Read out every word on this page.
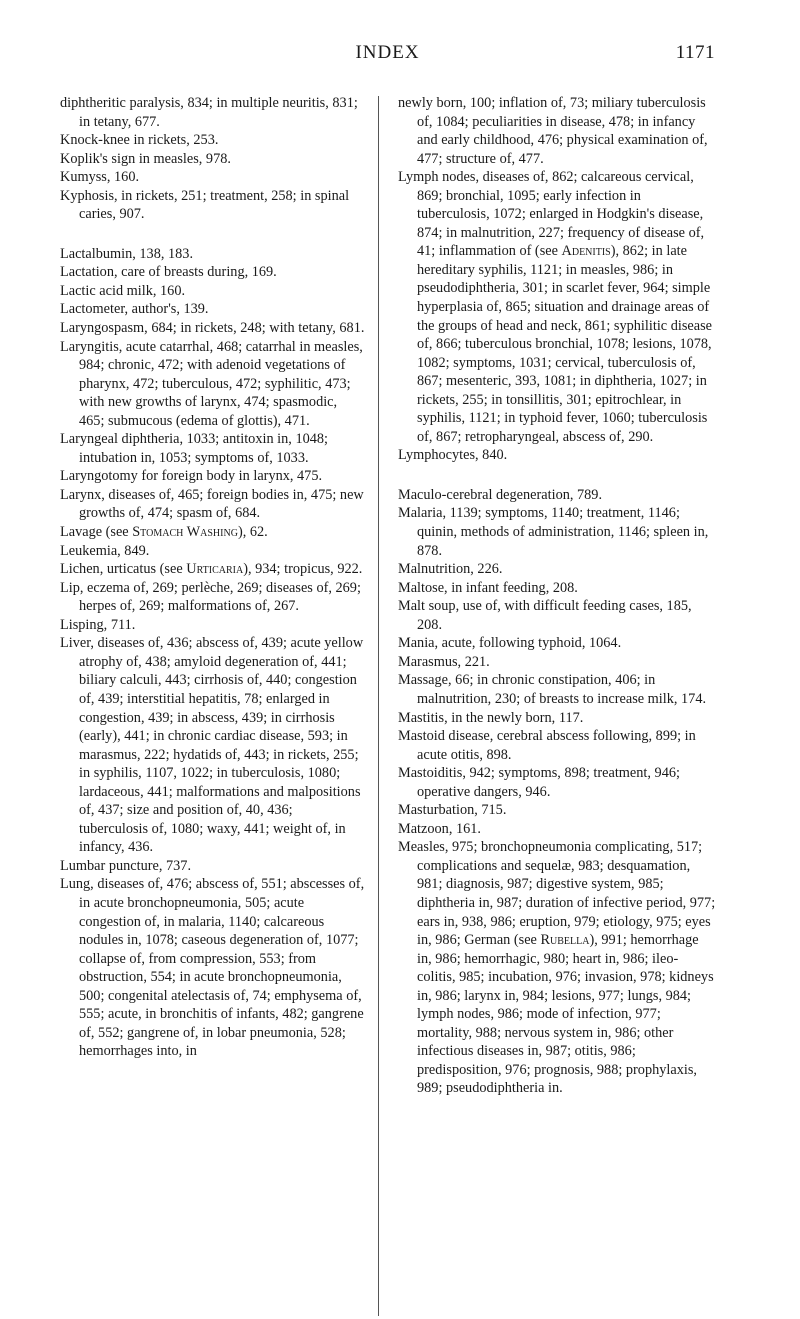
INDEX	1171

diphtheritic paralysis, 834; in multiple neuritis, 831; in tetany, 677.

Knock-knee in rickets, 253.

Koplik's sign in measles, 978.

Kumyss, 160.

Kyphosis, in rickets, 251; treatment, 258; in spinal caries, 907.

Lactalbumin, 138, 183.

Lactation, care of breasts during, 169.

Lactic acid milk, 160.

Lactometer, author's, 139.

Laryngospasm, 684; in rickets, 248; with tetany, 681.

Laryngitis, acute catarrhal, 468; catarrhal in measles, 984; chronic, 472; with adenoid vegetations of pharynx, 472; tuberculous, 472; syphilitic, 473; with new growths of larynx, 474; spasmodic, 465; submucous (edema of glottis), 471.

Laryngeal diphtheria, 1033; antitoxin in, 1048; intubation in, 1053; symptoms of, 1033.

Laryngotomy for foreign body in larynx, 475.

Larynx, diseases of, 465; foreign bodies in, 475; new growths of, 474; spasm of, 684.

Lavage (see Stomach Washing), 62.

Leukemia, 849.

Lichen, urticatus (see Urticaria), 934; tropicus, 922.

Lip, eczema of, 269; perlèche, 269; diseases of, 269; herpes of, 269; malformations of, 267.

Lisping, 711.

Liver, diseases of, 436; abscess of, 439; acute yellow atrophy of, 438; amyloid degeneration of, 441; biliary calculi, 443; cirrhosis of, 440; congestion of, 439; interstitial hepatitis, 78; enlarged in congestion, 439; in abscess, 439; in cirrhosis (early), 441; in chronic cardiac disease, 593; in marasmus, 222; hydatids of, 443; in rickets, 255; in syphilis, 1107, 1022; in tuberculosis, 1080; lardaceous, 441; malformations and malpositions of, 437; size and position of, 40, 436; tuberculosis of, 1080; waxy, 441; weight of, in infancy, 436.

Lumbar puncture, 737.

Lung, diseases of, 476; abscess of, 551; abscesses of, in acute bronchopneumonia, 505; acute congestion of, in malaria, 1140; calcareous nodules in, 1078; caseous degeneration of, 1077; collapse of, from compression, 553; from obstruction, 554; in acute bronchopneumonia, 500; congenital atelectasis of, 74; emphysema of, 555; acute, in bronchitis of infants, 482; gangrene of, 552; gangrene of, in lobar pneumonia, 528; hemorrhages into, in

newly born, 100; inflation of, 73; miliary tuberculosis of, 1084; peculiarities in disease, 478; in infancy and early childhood, 476; physical examination of, 477; structure of, 477.

Lymph nodes, diseases of, 862; calcareous cervical, 869; bronchial, 1095; early infection in tuberculosis, 1072; enlarged in Hodgkin's disease, 874; in malnutrition, 227; frequency of disease of, 41; inflammation of (see Adenitis), 862; in late hereditary syphilis, 1121; in measles, 986; in pseudodiphtheria, 301; in scarlet fever, 964; simple hyperplasia of, 865; situation and drainage areas of the groups of head and neck, 861; syphilitic disease of, 866; tuberculous bronchial, 1078; lesions, 1078, 1082; symptoms, 1031; cervical, tuberculosis of, 867; mesenteric, 393, 1081; in diphtheria, 1027; in rickets, 255; in tonsillitis, 301; epitrochlear, in syphilis, 1121; in typhoid fever, 1060; tuberculosis of, 867; retropharyngeal, abscess of, 290.

Lymphocytes, 840.

Maculo-cerebral degeneration, 789.

Malaria, 1139; symptoms, 1140; treatment, 1146; quinin, methods of administration, 1146; spleen in, 878.

Malnutrition, 226.

Maltose, in infant feeding, 208.

Malt soup, use of, with difficult feeding cases, 185, 208.

Mania, acute, following typhoid, 1064.

Marasmus, 221.

Massage, 66; in chronic constipation, 406; in malnutrition, 230; of breasts to increase milk, 174.

Mastitis, in the newly born, 117.

Mastoid disease, cerebral abscess following, 899; in acute otitis, 898.

Mastoiditis, 942; symptoms, 898; treatment, 946; operative dangers, 946.

Masturbation, 715.

Matzoon, 161.

Measles, 975; bronchopneumonia complicating, 517; complications and sequelæ, 983; desquamation, 981; diagnosis, 987; digestive system, 985; diphtheria in, 987; duration of infective period, 977; ears in, 938, 986; eruption, 979; etiology, 975; eyes in, 986; German (see Rubella), 991; hemorrhage in, 986; hemorrhagic, 980; heart in, 986; ileo-colitis, 985; incubation, 976; invasion, 978; kidneys in, 986; larynx in, 984; lesions, 977; lungs, 984; lymph nodes, 986; mode of infection, 977; mortality, 988; nervous system in, 986; other infectious diseases in, 987; otitis, 986; predisposition, 976; prognosis, 988; prophylaxis, 989; pseudodiphtheria in.
